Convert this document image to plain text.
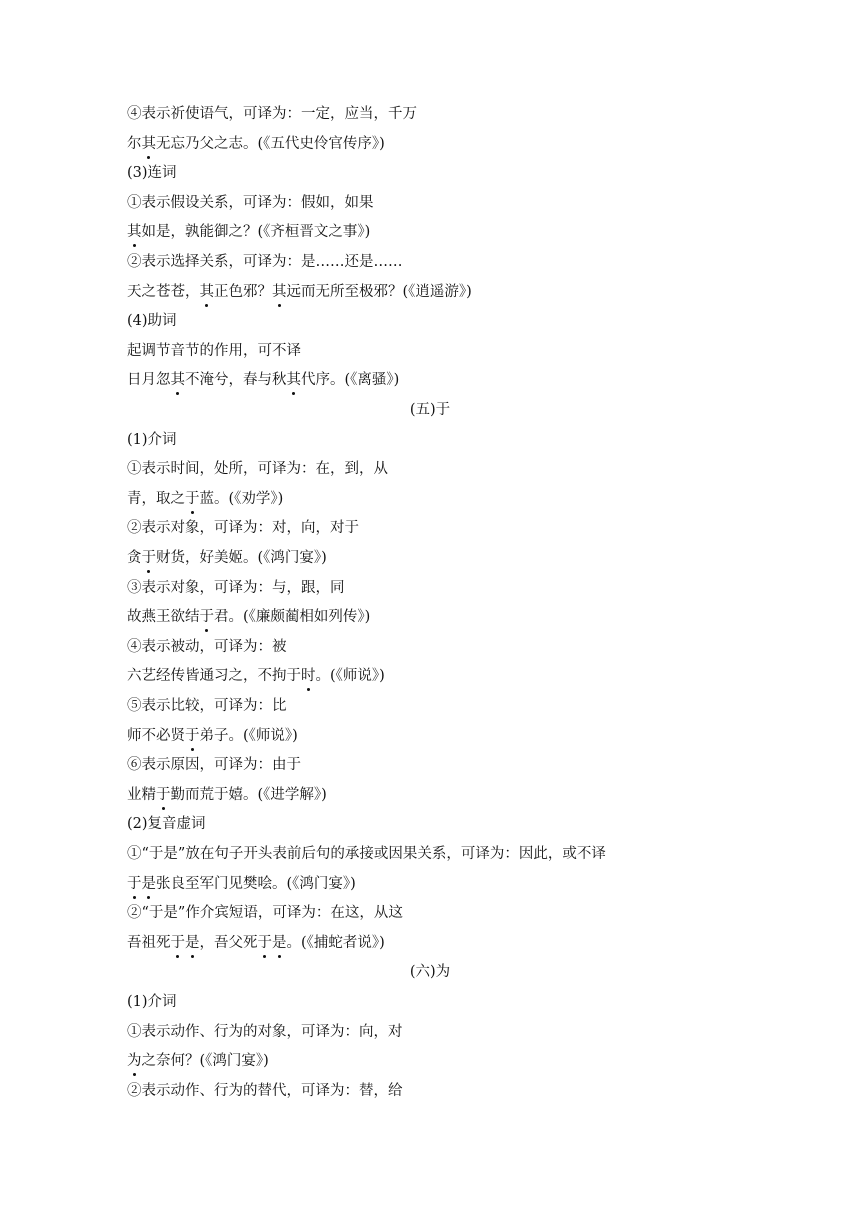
④表示祈使语气，可译为：一定，应当，千万
尔其无忘乃父之志。(《五代史伶官传序》)
(3)连词
①表示假设关系，可译为：假如，如果
其如是，孰能御之？(《齐桓晋文之事》)
②表示选择关系，可译为：是……还是……
天之苍苍，其正色邪？其远而无所至极邪？(《逍遥游》)
(4)助词
起调节音节的作用，可不译
日月忽其不淹兮，春与秋其代序。(《离骚》)
(五)于
(1)介词
①表示时间，处所，可译为：在，到，从
青，取之于蓝。(《劝学》)
②表示对象，可译为：对，向，对于
贪于财货，好美姬。(《鸿门宴》)
③表示对象，可译为：与，跟，同
故燕王欲结于君。(《廉颇蔺相如列传》)
④表示被动，可译为：被
六艺经传皆通习之，不拘于时。(《师说》)
⑤表示比较，可译为：比
师不必贤于弟子。(《师说》)
⑥表示原因，可译为：由于
业精于勤而荒于嬉。(《进学解》)
(2)复音虚词
①“于是”放在句子开头表前后句的承接或因果关系，可译为：因此，或不译
于是张良至军门见樊哙。(《鸿门宴》)
②“于是”作介宾短语，可译为：在这，从这
吾祖死于是，吾父死于是。(《捕蛇者说》)
(六)为
(1)介词
①表示动作、行为的对象，可译为：向，对
为之奈何？(《鸿门宴》)
②表示动作、行为的替代，可译为：替，给
